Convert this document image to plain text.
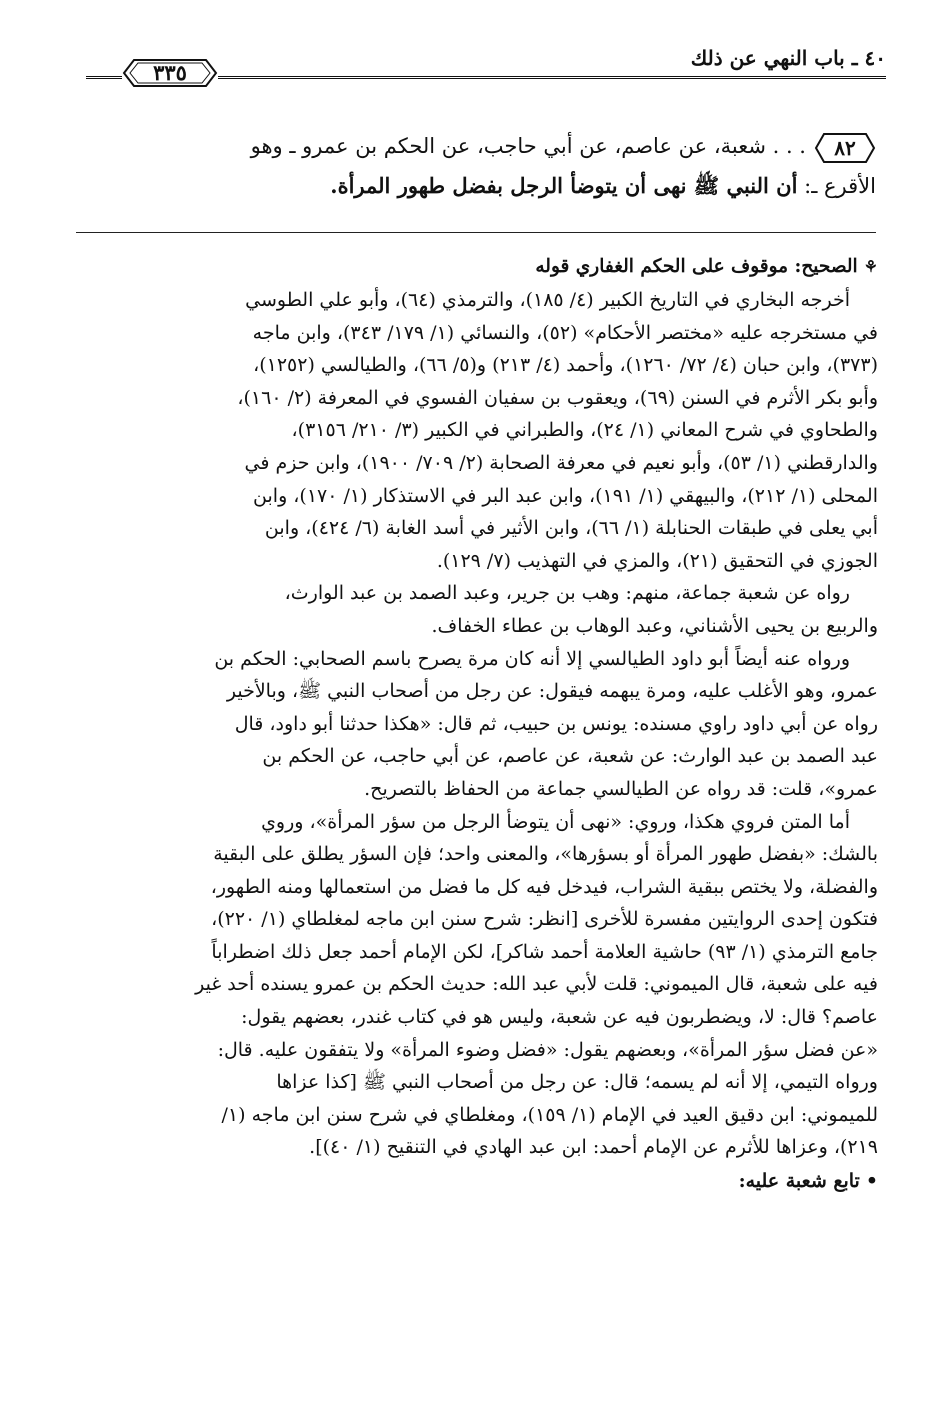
٤٠ ـ باب النهي عن ذلك
٣٣٥
٨٢
. . . شعبة، عن عاصم، عن أبي حاجب، عن الحكم بن عمرو ـ وهو
الأقرع ـ: أن النبي ﷺ نهى أن يتوضأ الرجل بفضل طهور المرأة.
⚘الصحيح: موقوف على الحكم الغفاري قوله
أخرجه البخاري في التاريخ الكبير (٤/ ١٨٥)، والترمذي (٦٤)، وأبو علي الطوسي
في مستخرجه عليه «مختصر الأحكام» (٥٢)، والنسائي (١/ ١٧٩/ ٣٤٣)، وابن ماجه
(٣٧٣)، وابن حبان (٤/ ٧٢/ ١٢٦٠)، وأحمد (٤/ ٢١٣) و(٥/ ٦٦)، والطيالسي (١٢٥٢)،
وأبو بكر الأثرم في السنن (٦٩)، ويعقوب بن سفيان الفسوي في المعرفة (٢/ ١٦٠)،
والطحاوي في شرح المعاني (١/ ٢٤)، والطبراني في الكبير (٣/ ٢١٠/ ٣١٥٦)،
والدارقطني (١/ ٥٣)، وأبو نعيم في معرفة الصحابة (٢/ ٧٠٩/ ١٩٠٠)، وابن حزم في
المحلى (١/ ٢١٢)، والبيهقي (١/ ١٩١)، وابن عبد البر في الاستذكار (١/ ١٧٠)، وابن
أبي يعلى في طبقات الحنابلة (١/ ٦٦)، وابن الأثير في أسد الغابة (٦/ ٤٢٤)، وابن
الجوزي في التحقيق (٢١)، والمزي في التهذيب (٧/ ١٢٩).
رواه عن شعبة جماعة، منهم: وهب بن جرير، وعبد الصمد بن عبد الوارث،
والربيع بن يحيى الأشناني، وعبد الوهاب بن عطاء الخفاف.
ورواه عنه أيضاً أبو داود الطيالسي إلا أنه كان مرة يصرح باسم الصحابي: الحكم بن
عمرو، وهو الأغلب عليه، ومرة يبهمه فيقول: عن رجل من أصحاب النبي ﷺ، وبالأخير
رواه عن أبي داود راوي مسنده: يونس بن حبيب، ثم قال: «هكذا حدثنا أبو داود، قال
عبد الصمد بن عبد الوارث: عن شعبة، عن عاصم، عن أبي حاجب، عن الحكم بن
عمرو»، قلت: قد رواه عن الطيالسي جماعة من الحفاظ بالتصريح.
أما المتن فروي هكذا، وروي: «نهى أن يتوضأ الرجل من سؤر المرأة»، وروي
بالشك: «بفضل طهور المرأة أو بسؤرها»، والمعنى واحد؛ فإن السؤر يطلق على البقية
والفضلة، ولا يختص ببقية الشراب، فيدخل فيه كل ما فضل من استعمالها ومنه الطهور،
فتكون إحدى الروايتين مفسرة للأخرى [انظر: شرح سنن ابن ماجه لمغلطاي (١/ ٢٢٠)،
جامع الترمذي (١/ ٩٣) حاشية العلامة أحمد شاكر]، لكن الإمام أحمد جعل ذلك اضطراباً
فيه على شعبة، قال الميموني: قلت لأبي عبد الله: حديث الحكم بن عمرو يسنده أحد غير
عاصم؟ قال: لا، ويضطربون فيه عن شعبة، وليس هو في كتاب غندر، بعضهم يقول:
«عن فضل سؤر المرأة»، وبعضهم يقول: «فضل وضوء المرأة» ولا يتفقون عليه. قال:
ورواه التيمي، إلا أنه لم يسمه؛ قال: عن رجل من أصحاب النبي ﷺ [كذا عزاها
للميموني: ابن دقيق العيد في الإمام (١/ ١٥٩)، ومغلطاي في شرح سنن ابن ماجه (١/
٢١٩)، وعزاها للأثرم عن الإمام أحمد: ابن عبد الهادي في التنقيح (١/ ٤٠)].
•تابع شعبة عليه:
